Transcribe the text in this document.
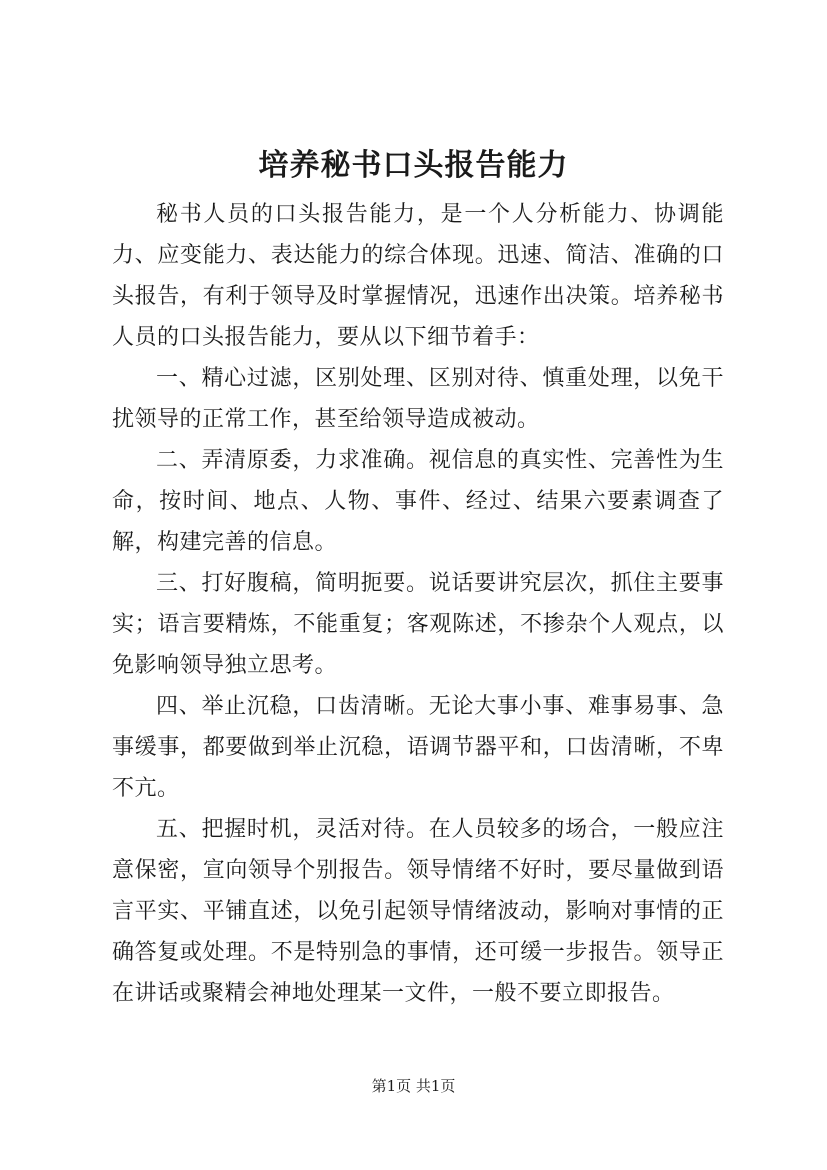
培养秘书口头报告能力

秘书人员的口头报告能力，是一个人分析能力、协调能力、应变能力、表达能力的综合体现。迅速、简洁、准确的口头报告，有利于领导及时掌握情况，迅速作出决策。培养秘书人员的口头报告能力，要从以下细节着手：

一、精心过滤，区别处理、区别对待、慎重处理，以免干扰领导的正常工作，甚至给领导造成被动。

二、弄清原委，力求准确。视信息的真实性、完善性为生命，按时间、地点、人物、事件、经过、结果六要素调查了解，构建完善的信息。

三、打好腹稿，简明扼要。说话要讲究层次，抓住主要事实；语言要精炼，不能重复；客观陈述，不掺杂个人观点，以免影响领导独立思考。

四、举止沉稳，口齿清晰。无论大事小事、难事易事、急事缓事，都要做到举止沉稳，语调节器平和，口齿清晰，不卑不亢。

五、把握时机，灵活对待。在人员较多的场合，一般应注意保密，宣向领导个别报告。领导情绪不好时，要尽量做到语言平实、平铺直述，以免引起领导情绪波动，影响对事情的正确答复或处理。不是特别急的事情，还可缓一步报告。领导正在讲话或聚精会神地处理某一文件，一般不要立即报告。

第1页 共1页
